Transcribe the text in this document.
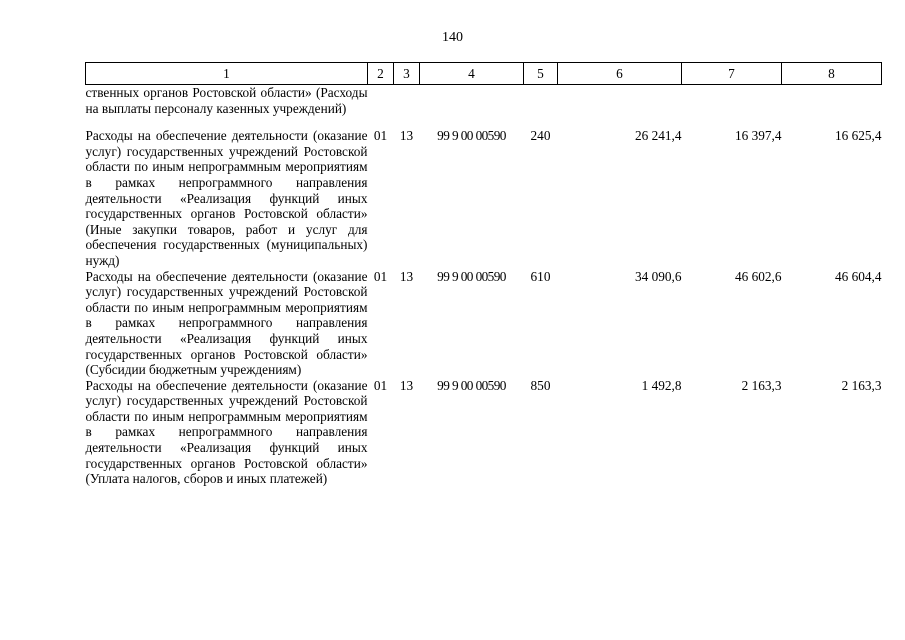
140
1	2	3	4	5	6	7	8
ственных органов Ростовской области» (Расходы на выплаты персоналу казенных учреждений)							
Расходы на обеспечение деятельности (оказание услуг) государственных учреждений Ростовской области по иным непрограммным мероприятиям в рамках непрограммного направления деятельности «Реализация функций иных государственных органов Ростовской области» (Иные закупки товаров, работ и услуг для обеспечения государственных (муниципальных) нужд)	01	13	99 9 00 00590	240	26 241,4	16 397,4	16 625,4
Расходы на обеспечение деятельности (оказание услуг) государственных учреждений Ростовской области по иным непрограммным мероприятиям в рамках непрограммного направления деятельности «Реализация функций иных государственных органов Ростовской области» (Субсидии бюджетным учреждениям)	01	13	99 9 00 00590	610	34 090,6	46 602,6	46 604,4
Расходы на обеспечение деятельности (оказание услуг) государственных учреждений Ростовской области по иным непрограммным мероприятиям в рамках непрограммного направления деятельности «Реализация функций иных государственных органов Ростовской области» (Уплата налогов, сборов и иных платежей)	01	13	99 9 00 00590	850	1 492,8	2 163,3	2 163,3
